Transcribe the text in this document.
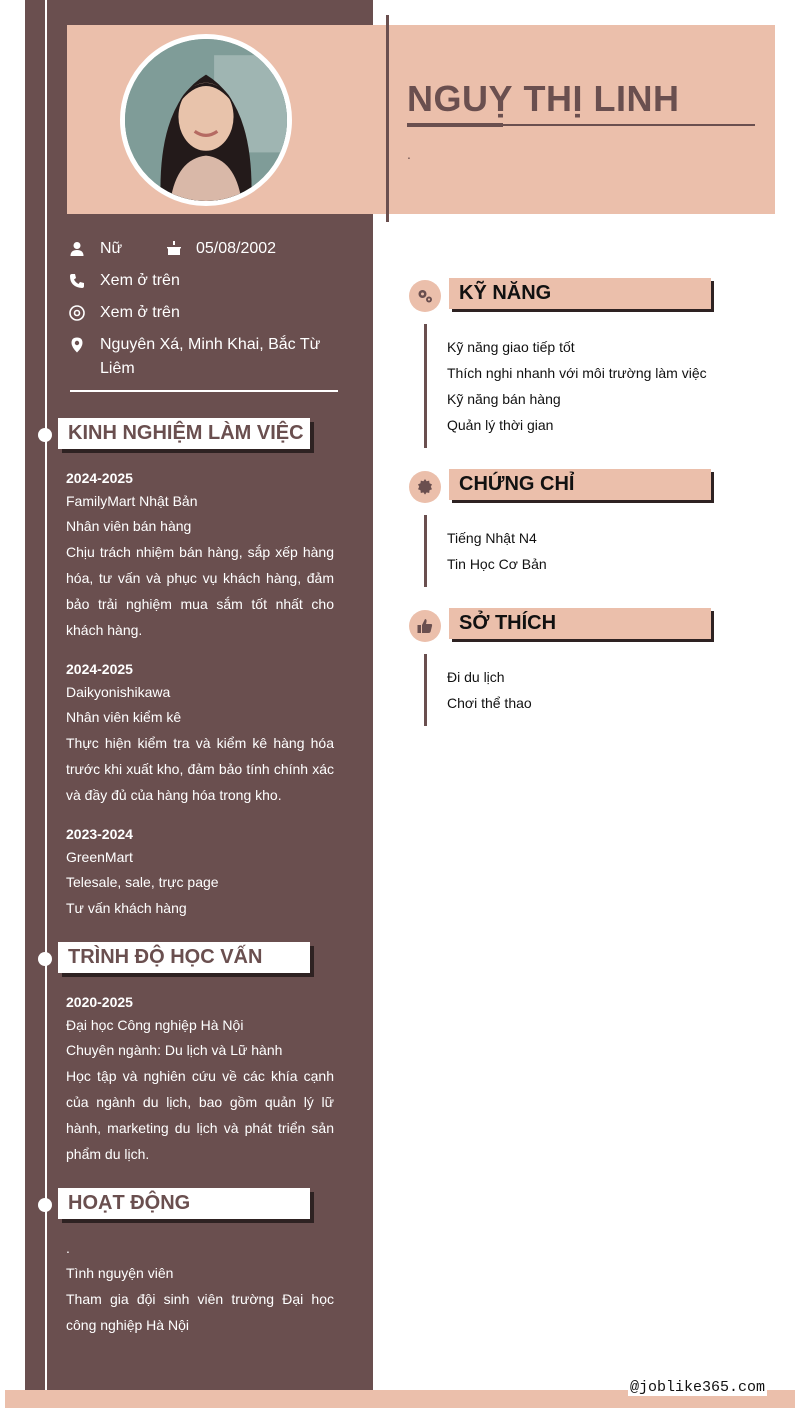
NGUỴ THỊ LINH
.
Nữ	05/08/2002
Xem ở trên
Xem ở trên
Nguyên Xá, Minh Khai, Bắc Từ Liêm
KINH NGHIỆM LÀM VIỆC
2024-2025
FamilyMart Nhật Bản
Nhân viên bán hàng
Chịu trách nhiệm bán hàng, sắp xếp hàng hóa, tư vấn và phục vụ khách hàng, đảm bảo trải nghiệm mua sắm tốt nhất cho khách hàng.
2024-2025
Daikyonishikawa
Nhân viên kiểm kê
Thực hiện kiểm tra và kiểm kê hàng hóa trước khi xuất kho, đảm bảo tính chính xác và đầy đủ của hàng hóa trong kho.
2023-2024
GreenMart
Telesale, sale, trực page
Tư vấn khách hàng
TRÌNH ĐỘ HỌC VẤN
2020-2025
Đại học Công nghiệp Hà Nội
Chuyên ngành: Du lịch và Lữ hành
Học tập và nghiên cứu về các khía cạnh của ngành du lịch, bao gồm quản lý lữ hành, marketing du lịch và phát triển sản phẩm du lịch.
HOẠT ĐỘNG
.
Tình nguyện viên
Tham gia đội sinh viên trường Đại học công nghiệp Hà Nội
KỸ NĂNG
Kỹ năng giao tiếp tốt
Thích nghi nhanh với môi trường làm việc
Kỹ năng bán hàng
Quản lý thời gian
CHỨNG CHỈ
Tiếng Nhật N4
Tin Học Cơ Bản
SỞ THÍCH
Đi du lịch
Chơi thể thao
@joblike365.com
